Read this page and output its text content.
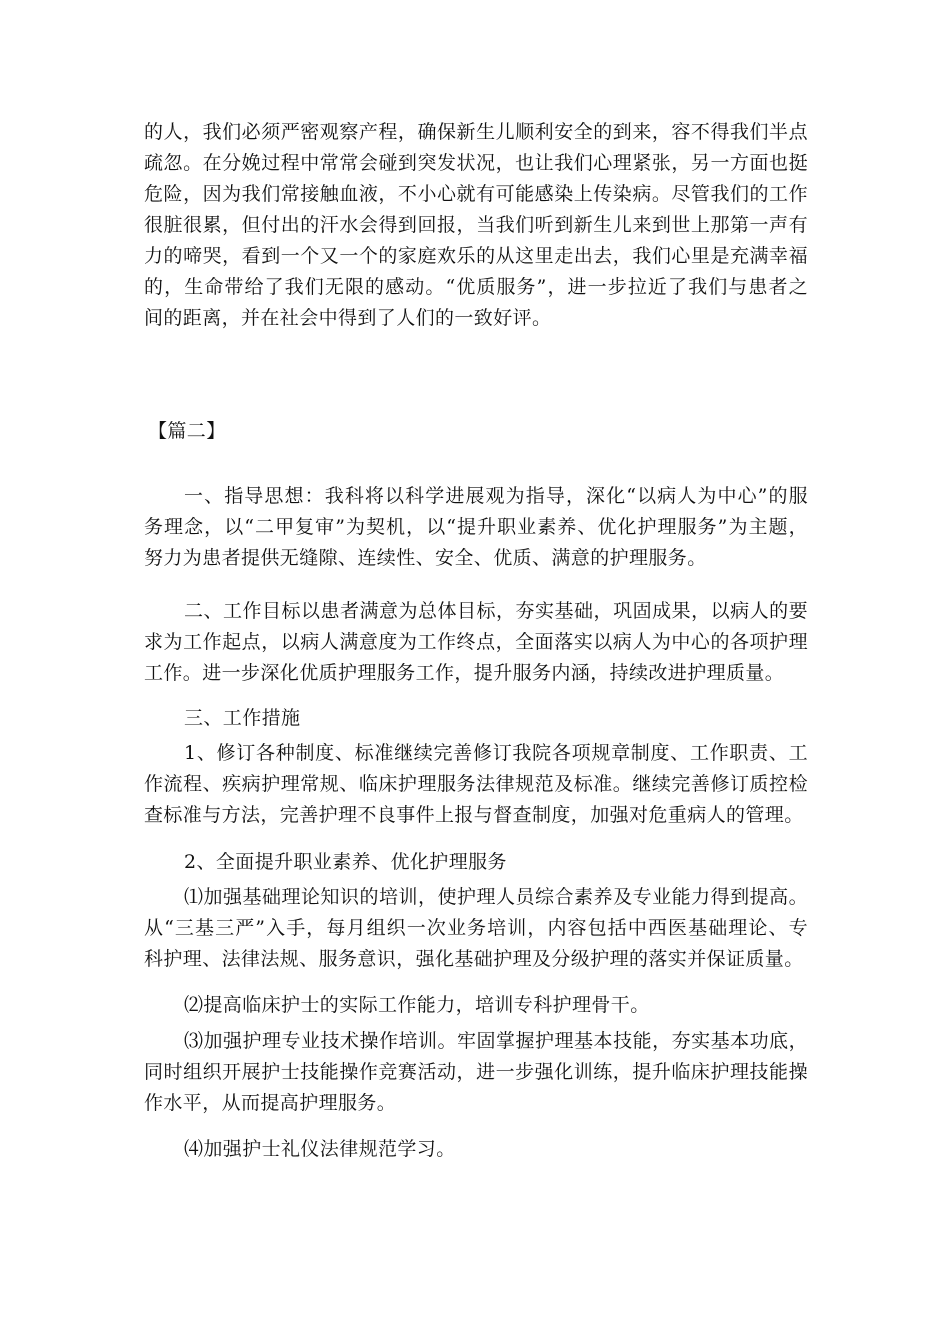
的人，我们必须严密观察产程，确保新生儿顺利安全的到来，容不得我们半点
疏忽。在分娩过程中常常会碰到突发状况，也让我们心理紧张，另一方面也挺
危险，因为我们常接触血液，不小心就有可能感染上传染病。尽管我们的工作
很脏很累，但付出的汗水会得到回报，当我们听到新生儿来到世上那第一声有
力的啼哭，看到一个又一个的家庭欢乐的从这里走出去，我们心里是充满幸福
的，生命带给了我们无限的感动。“优质服务”，进一步拉近了我们与患者之
间的距离，并在社会中得到了人们的一致好评。
【篇二】
一、指导思想：我科将以科学进展观为指导，深化“以病人为中心”的服
务理念，以“二甲复审”为契机，以“提升职业素养、优化护理服务”为主题，
努力为患者提供无缝隙、连续性、安全、优质、满意的护理服务。
二、工作目标以患者满意为总体目标，夯实基础，巩固成果，以病人的要
求为工作起点，以病人满意度为工作终点，全面落实以病人为中心的各项护理
工作。进一步深化优质护理服务工作，提升服务内涵，持续改进护理质量。
三、工作措施
1、修订各种制度、标准继续完善修订我院各项规章制度、工作职责、工
作流程、疾病护理常规、临床护理服务法律规范及标准。继续完善修订质控检
查标准与方法，完善护理不良事件上报与督查制度，加强对危重病人的管理。
2、全面提升职业素养、优化护理服务
⑴加强基础理论知识的培训，使护理人员综合素养及专业能力得到提高。
从“三基三严”入手，每月组织一次业务培训，内容包括中西医基础理论、专
科护理、法律法规、服务意识，强化基础护理及分级护理的落实并保证质量。
⑵提高临床护士的实际工作能力，培训专科护理骨干。
⑶加强护理专业技术操作培训。牢固掌握护理基本技能，夯实基本功底，
同时组织开展护士技能操作竞赛活动，进一步强化训练，提升临床护理技能操
作水平，从而提高护理服务。
⑷加强护士礼仪法律规范学习。
